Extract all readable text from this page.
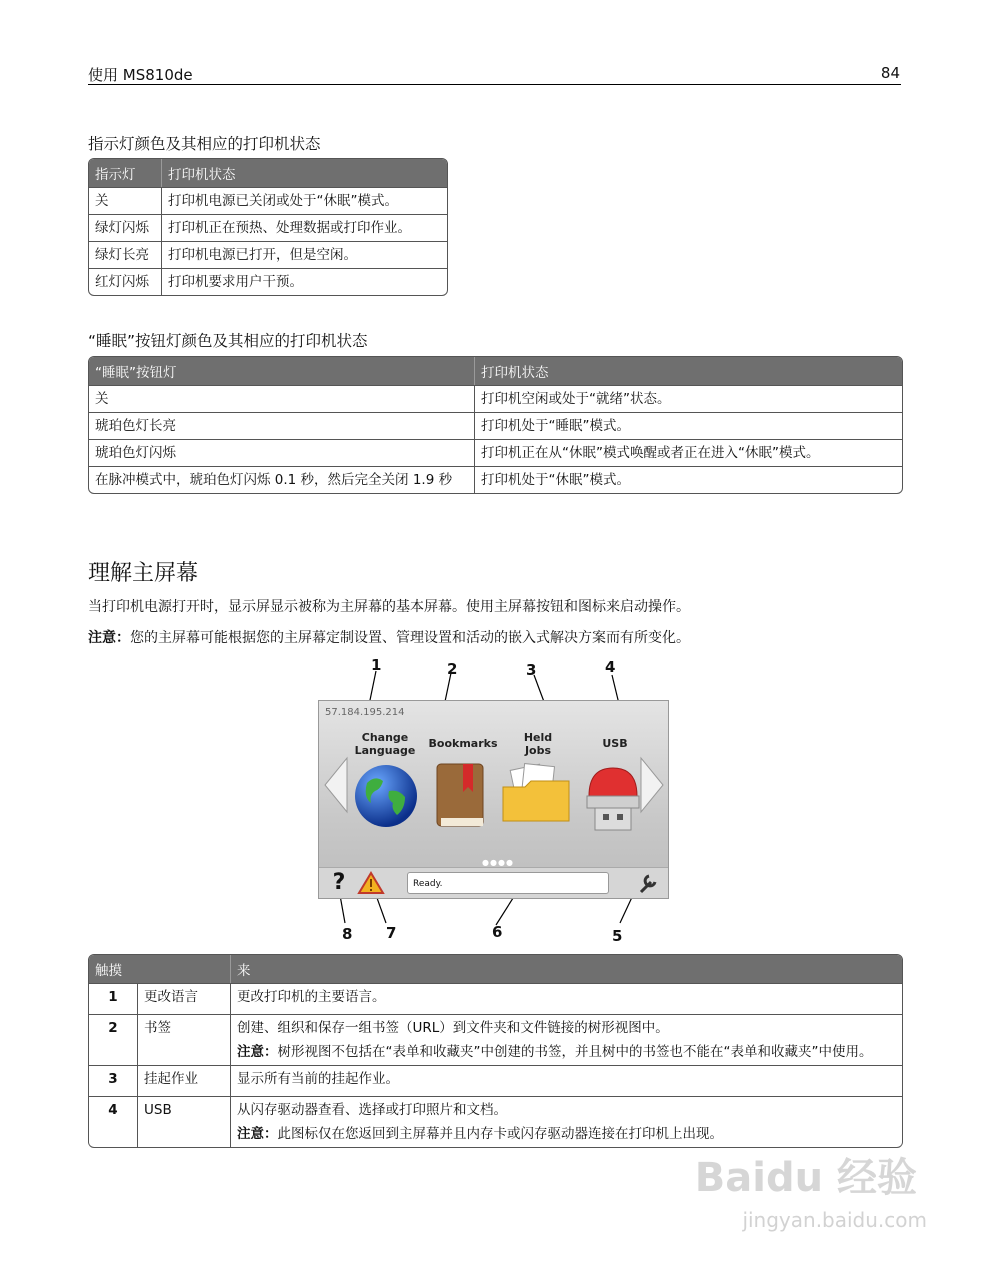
使用 MS810de	84
指示灯颜色及其相应的打印机状态
指示灯	打印机状态
关	打印机电源已关闭或处于“休眠”模式。
绿灯闪烁	打印机正在预热、处理数据或打印作业。
绿灯长亮	打印机电源已打开，但是空闲。
红灯闪烁	打印机要求用户干预。
“睡眠”按钮灯颜色及其相应的打印机状态
“睡眠”按钮灯	打印机状态
关	打印机空闲或处于“就绪”状态。
琥珀色灯长亮	打印机处于“睡眠”模式。
琥珀色灯闪烁	打印机正在从“休眠”模式唤醒或者正在进入“休眠”模式。
在脉冲模式中，琥珀色灯闪烁 0.1 秒，然后完全关闭 1.9 秒	打印机处于“休眠”模式。
理解主屏幕
当打印机电源打开时，显示屏显示被称为主屏幕的基本屏幕。使用主屏幕按钮和图标来启动操作。
注意：您的主屏幕可能根据您的主屏幕定制设置、管理设置和活动的嵌入式解决方案而有所变化。
1	2	3	4
5
6
7
8
57.184.195.214
Change Language
Bookmarks	Held Jobs
USB
●●●●
?	Ready.
触摸		来
1	更改语言	更改打印机的主要语言。
2	书签	创建、组织和保存一组书签（URL）到文件夹和文件链接的树形视图中。
注意：树形视图不包括在“表单和收藏夹”中创建的书签，并且树中的书签也不能在“表单和收藏夹”中使用。

3	挂起作业	显示所有当前的挂起作业。
4	USB	从闪存驱动器查看、选择或打印照片和文档。
注意：此图标仅在您返回到主屏幕并且内存卡或闪存驱动器连接在打印机上出现。
Baidu 经验
jingyan.baidu.com
